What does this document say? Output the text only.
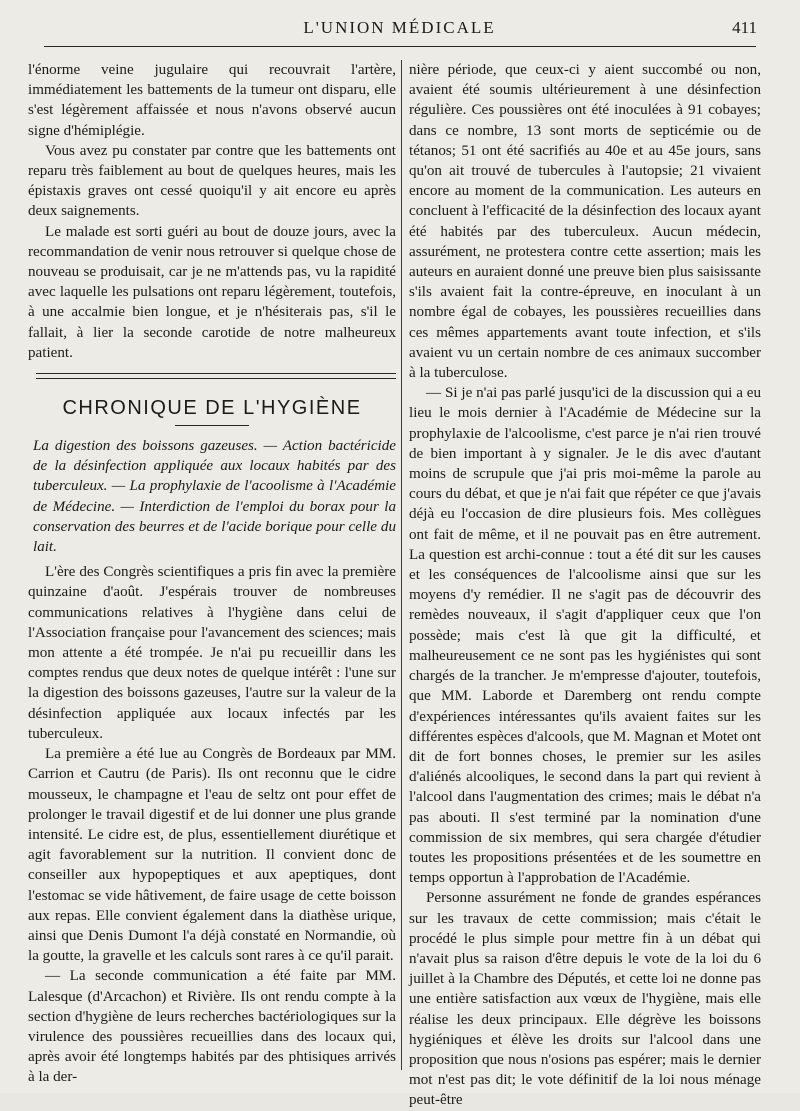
L'UNION MÉDICALE	411

l'énorme veine jugulaire qui recouvrait l'artère, immédiatement les battements de la tumeur ont disparu, elle s'est légèrement affaissée et nous n'avons observé aucun signe d'hémiplégie.

Vous avez pu constater par contre que les battements ont reparu très faiblement au bout de quelques heures, mais les épistaxis graves ont cessé quoiqu'il y ait encore eu après deux saignements.

Le malade est sorti guéri au bout de douze jours, avec la recommandation de venir nous retrouver si quelque chose de nouveau se produisait, car je ne m'attends pas, vu la rapidité avec laquelle les pulsations ont reparu légèrement, toutefois, à une accalmie bien longue, et je n'hésiterais pas, s'il le fallait, à lier la seconde carotide de notre malheureux patient.

CHRONIQUE DE L'HYGIÈNE

La digestion des boissons gazeuses. — Action bactéricide de la désinfection appliquée aux locaux habités par des tuberculeux. — La prophylaxie de l'acoolisme à l'Académie de Médecine. — Interdiction de l'emploi du borax pour la conservation des beurres et de l'acide borique pour celle du lait.

L'ère des Congrès scientifiques a pris fin avec la première quinzaine d'août. J'espérais trouver de nombreuses communications relatives à l'hygiène dans celui de l'Association française pour l'avancement des sciences; mais mon attente a été trompée. Je n'ai pu recueillir dans les comptes rendus que deux notes de quelque intérêt : l'une sur la digestion des boissons gazeuses, l'autre sur la valeur de la désinfection appliquée aux locaux infectés par les tuberculeux.

La première a été lue au Congrès de Bordeaux par MM. Carrion et Cautru (de Paris). Ils ont reconnu que le cidre mousseux, le champagne et l'eau de seltz ont pour effet de prolonger le travail digestif et de lui donner une plus grande intensité. Le cidre est, de plus, essentiellement diurétique et agit favorablement sur la nutrition. Il convient donc de conseiller aux hypopeptiques et aux apeptiques, dont l'estomac se vide hâtivement, de faire usage de cette boisson aux repas. Elle convient également dans la diathèse urique, ainsi que Denis Dumont l'a déjà constaté en Normandie, où la goutte, la gravelle et les calculs sont rares à ce qu'il parait.

— La seconde communication a été faite par MM. Lalesque (d'Arcachon) et Rivière. Ils ont rendu compte à la section d'hygiène de leurs recherches bactériologiques sur la virulence des poussières recueillies dans des locaux qui, après avoir été longtemps habités par des phtisiques arrivés à la der-

nière période, que ceux-ci y aient succombé ou non, avaient été soumis ultérieurement à une désinfection régulière. Ces poussières ont été inoculées à 91 cobayes; dans ce nombre, 13 sont morts de septicémie ou de tétanos; 51 ont été sacrifiés au 40e et au 45e jours, sans qu'on ait trouvé de tubercules à l'autopsie; 21 vivaient encore au moment de la communication. Les auteurs en concluent à l'efficacité de la désinfection des locaux ayant été habités par des tuberculeux. Aucun médecin, assurément, ne protestera contre cette assertion; mais les auteurs en auraient donné une preuve bien plus saisissante s'ils avaient fait la contre-épreuve, en inoculant à un nombre égal de cobayes, les poussières recueillies dans ces mêmes appartements avant toute infection, et s'ils avaient vu un certain nombre de ces animaux succomber à la tuberculose.

— Si je n'ai pas parlé jusqu'ici de la discussion qui a eu lieu le mois dernier à l'Académie de Médecine sur la prophylaxie de l'alcoolisme, c'est parce je n'ai rien trouvé de bien important à y signaler. Je le dis avec d'autant moins de scrupule que j'ai pris moi-même la parole au cours du débat, et que je n'ai fait que répéter ce que j'avais déjà eu l'occasion de dire plusieurs fois. Mes collègues ont fait de même, et il ne pouvait pas en être autrement. La question est archi-connue : tout a été dit sur les causes et les conséquences de l'alcoolisme ainsi que sur les moyens d'y remédier. Il ne s'agit pas de découvrir des remèdes nouveaux, il s'agit d'appliquer ceux que l'on possède; mais c'est là que git la difficulté, et malheureusement ce ne sont pas les hygiénistes qui sont chargés de la trancher. Je m'empresse d'ajouter, toutefois, que MM. Laborde et Daremberg ont rendu compte d'expériences intéressantes qu'ils avaient faites sur les différentes espèces d'alcools, que M. Magnan et Motet ont dit de fort bonnes choses, le premier sur les asiles d'aliénés alcooliques, le second dans la part qui revient à l'alcool dans l'augmentation des crimes; mais le débat n'a pas abouti. Il s'est terminé par la nomination d'une commission de six membres, qui sera chargée d'étudier toutes les propositions présentées et de les soumettre en temps opportun à l'approbation de l'Académie.

Personne assurément ne fonde de grandes espérances sur les travaux de cette commission; mais c'était le procédé le plus simple pour mettre fin à un débat qui n'avait plus sa raison d'être depuis le vote de la loi du 6 juillet à la Chambre des Députés, et cette loi ne donne pas une entière satisfaction aux vœux de l'hygiène, mais elle réalise les deux principaux. Elle dégrève les boissons hygiéniques et élève les droits sur l'alcool dans une proposition que nous n'osions pas espérer; mais le dernier mot n'est pas dit; le vote définitif de la loi nous ménage peut-être
